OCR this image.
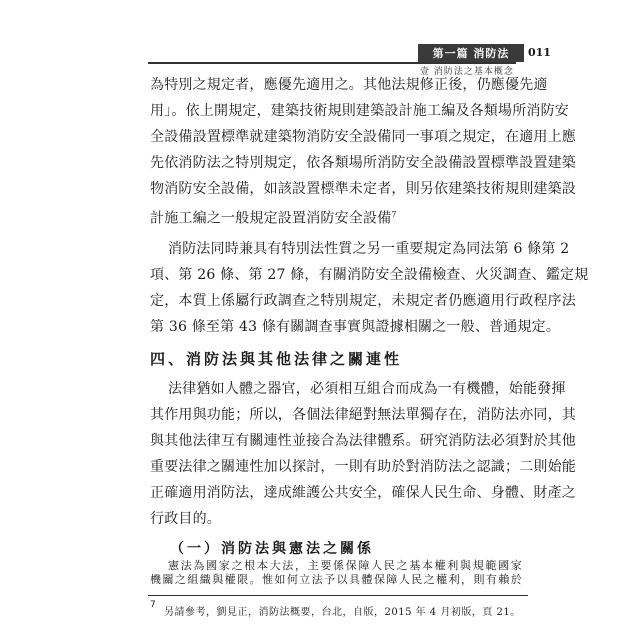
第一篇 消防法	011
壹 消防法之基本概念
為特別之規定者，應優先適用之。其他法規修正後，仍應優先適
用」。依上開規定，建築技術規則建築設計施工編及各類場所消防安
全設備設置標準就建築物消防安全設備同一事項之規定，在適用上應
先依消防法之特別規定，依各類場所消防安全設備設置標準設置建築
物消防安全設備，如該設置標準未定者，則另依建築技術規則建築設
計施工編之一般規定設置消防安全設備$^7$
消防法同時兼具有特別法性質之另一重要規定為同法第 6 條第 2
項、第 26 條、第 27 條，有關消防安全設備檢查、火災調查、鑑定規
定，本質上係屬行政調查之特別規定，未規定者仍應適用行政程序法
第 36 條至第 43 條有關調查事實與證據相關之一般、普通規定。
四、消防法與其他法律之關連性
法律猶如人體之器官，必須相互組合而成為一有機體，始能發揮
其作用與功能；所以，各個法律絕對無法單獨存在，消防法亦同，其
與其他法律互有關連性並接合為法律體系。研究消防法必須對於其他
重要法律之關連性加以探討，一則有助於對消防法之認識；二則始能
正確適用消防法，達成維護公共安全，確保人民生命、身體、財產之
行政目的。
（一）消防法與憲法之關係
憲法為國家之根本大法，主要係保障人民之基本權利與規範國家
機關之組織與權限。惟如何立法予以具體保障人民之權利，則有賴於
7
另請參考，劉見正，消防法概要，台北，自版，2015 年 4 月初版，頁 21。
